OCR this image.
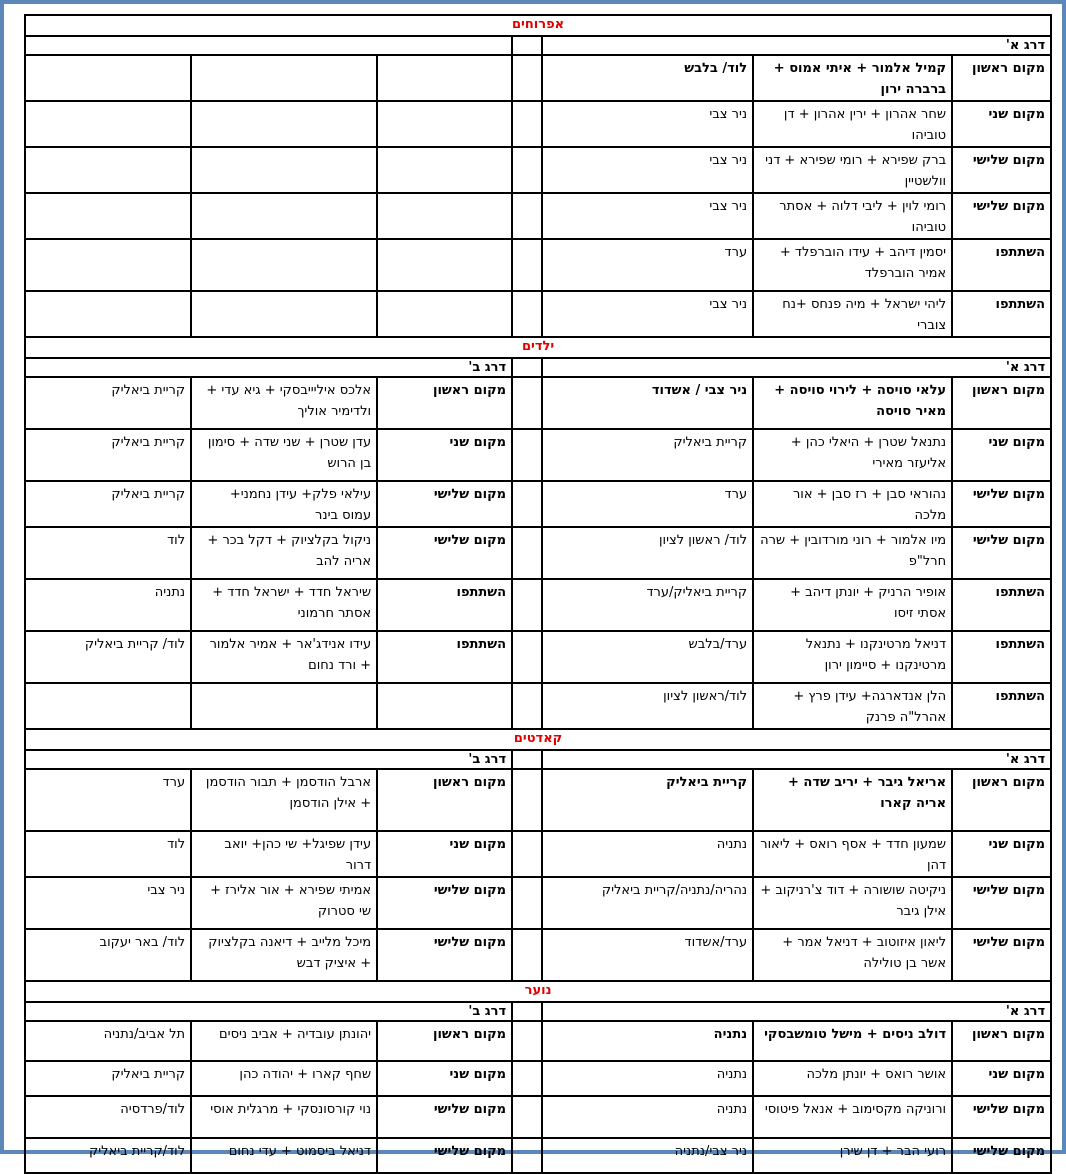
אפרוחים						
דרג א'						
מקום ראשון	קמיל אלמור + איתי אמוס + ברברה ירון	לוד/ בלבש				
מקום שני	שחר אהרון + ירין אהרון + דן טוביהו	ניר צבי				
מקום שלישי	ברק שפירא + רומי שפירא + דני וולשטיין	ניר צבי				
מקום שלישי	רומי לוין + ליבי דלוה + אסתר טוביהו	ניר צבי				
השתתפו	יסמין דיהב + עידו הוברפלד + אמיר הוברפלד	ערד				
השתתפו	ליהי ישראל + מיה פנחס +נח צוברי	ניר צבי				
ילדים						
דרג א'				דרג ב'		
מקום ראשון	עלאי סויסה + לירוי סויסה + מאיר סויסה	ניר צבי / אשדוד		מקום ראשון	אלכס איליייבסקי + גיא עדי + ולדימיר אוליך	קריית ביאליק
מקום שני	נתנאל שטרן + היאלי כהן + אליעזר מאירי	קריית ביאליק		מקום שני	עדן שטרן + שני שדה + סימון בן הרוש	קריית ביאליק
מקום שלישי	נהוראי סבן + רז סבן + אור מלכה	ערד		מקום שלישי	עילאי פלק+ עידן נחמני+ עמוס בינר	קריית ביאליק
מקום שלישי	מיו אלמור + רוני מורדובין + שרה חרל"פ	לוד/ ראשון לציון		מקום שלישי	ניקול בקלציוק + דקל בכר + אריה להב	לוד
השתתפו	אופיר הרניק + יונתן דיהב + אסתי זיסו	קריית ביאליק/ערד		השתתפו	שיראל חדד + ישראל חדד + אסתר חרמוני	נתניה
השתתפו	דניאל מרטינקנו + נתנאל מרטינקנו + סיימון ירון	ערד/בלבש		השתתפו	עידו אנידג'אר + אמיר אלמור + ורד נחום	לוד/ קריית ביאליק
השתתפו	הלן אנדארגה+ עידן פרץ + אהרל"ה פרנק	לוד/ראשון לציון				
קאדטים						
דרג א'				דרג ב'		
מקום ראשון	אריאל גיבר + יריב שדה + אריה קארו	קריית ביאליק		מקום ראשון	ארבל הודסמן + תבור הודסמן + אילן הודסמן	ערד
מקום שני	שמעון חדד + אסף רואס + ליאור דהן	נתניה		מקום שני	עידן שפיגל+ שי כהן+ יואב דרור	לוד
מקום שלישי	ניקיטה שושורה + דוד צ'רניקוב + אילן גיבר	נהריה/נתניה/קריית ביאליק		מקום שלישי	אמיתי שפירא + אור אלירז + שי סטרוק	ניר צבי
מקום שלישי	ליאון איזוטוב + דניאל אמר + אשר בן טולילה	ערד/אשדוד		מקום שלישי	מיכל מלייב + דיאנה בקלציוק + איציק דבש	לוד/ באר יעקוב
נוער						
דרג א'				דרג ב'		
מקום ראשון	דולב ניסים + מישל טומשבסקי	נתניה		מקום ראשון	יהונתן עובדיה + אביב ניסים	תל אביב/נתניה
מקום שני	אושר רואס + יונתן מלכה	נתניה		מקום שני	שחף קארו + יהודה כהן	קריית ביאליק
מקום שלישי	ורוניקה מקסימוב + אנאל פיטוסי	נתניה		מקום שלישי	נוי קורסונסקי + מרגלית אוסי	לוד/פרדסיה
מקום שלישי	רועי הבר + דן שירן	ניר צבי/נתניה		מקום שלישי	דניאל ביסמוט + עדי נחום	לוד/קריית ביאליק
